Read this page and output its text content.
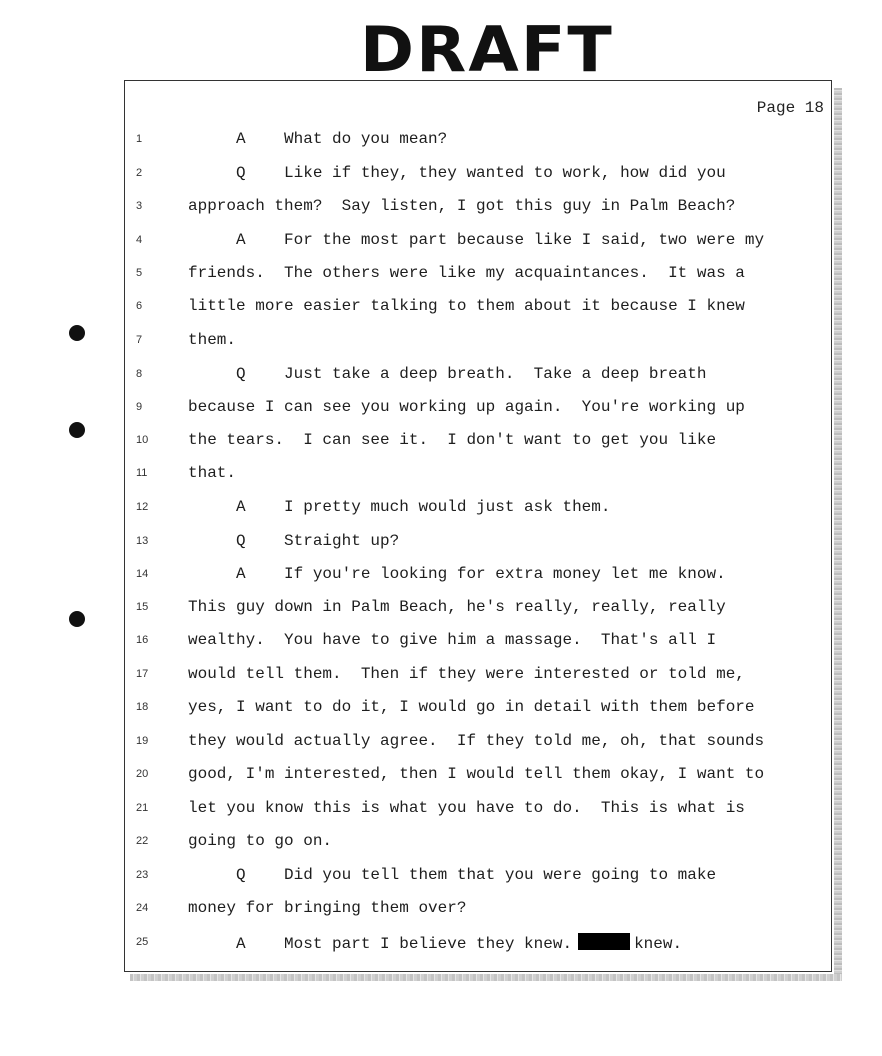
DRAFT
Page 18
1	A    What do you mean?
2	Q    Like if they, they wanted to work, how did you
3	approach them?  Say listen, I got this guy in Palm Beach?
4	A    For the most part because like I said, two were my
5	friends.  The others were like my acquaintances.  It was a
6	little more easier talking to them about it because I knew
7	them.
8	Q    Just take a deep breath.  Take a deep breath
9	because I can see you working up again.  You're working up
10	the tears.  I can see it.  I don't want to get you like
11	that.
12	A    I pretty much would just ask them.
13	Q    Straight up?
14	A    If you're looking for extra money let me know.
15	This guy down in Palm Beach, he's really, really, really
16	wealthy.  You have to give him a massage.  That's all I
17	would tell them.  Then if they were interested or told me,
18	yes, I want to do it, I would go in detail with them before
19	they would actually agree.  If they told me, oh, that sounds
20	good, I'm interested, then I would tell them okay, I want to
21	let you know this is what you have to do.  This is what is
22	going to go on.
23	Q    Did you tell them that you were going to make
24	money for bringing them over?
25	A    Most part I believe they knew.	knew.
